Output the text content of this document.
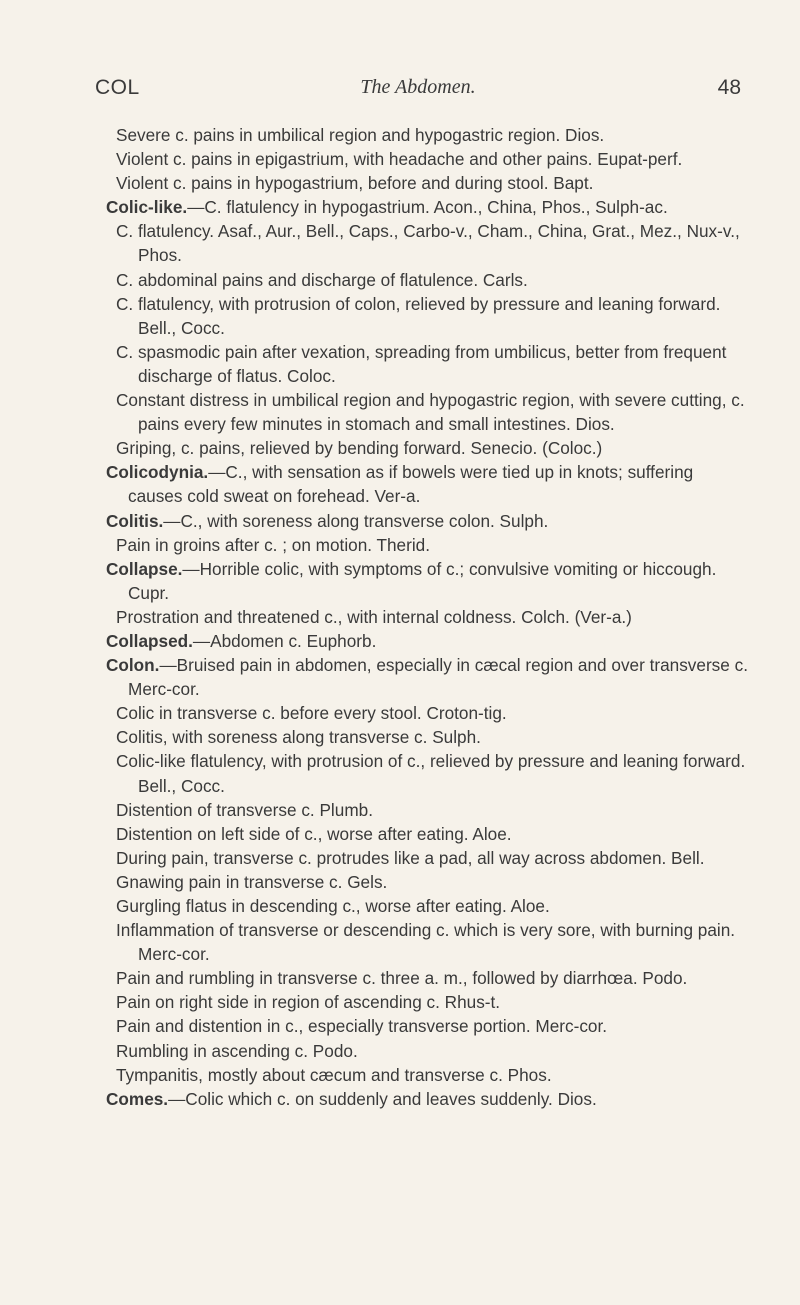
COL	The Abdomen.	48

Severe c. pains in umbilical region and hypogastric region. Dios.

Violent c. pains in epigastrium, with headache and other pains. Eupat-perf.

Violent c. pains in hypogastrium, before and during stool. Bapt.

Colic-like.—C. flatulency in hypogastrium. Acon., China, Phos., Sulph-ac.

C. flatulency. Asaf., Aur., Bell., Caps., Carbo-v., Cham., China, Grat., Mez., Nux-v., Phos.

C. abdominal pains and discharge of flatulence. Carls.

C. flatulency, with protrusion of colon, relieved by pressure and leaning forward. Bell., Cocc.

C. spasmodic pain after vexation, spreading from umbilicus, better from frequent discharge of flatus. Coloc.

Constant distress in umbilical region and hypogastric region, with severe cutting, c. pains every few minutes in stomach and small intestines. Dios.

Griping, c. pains, relieved by bending forward. Senecio. (Coloc.)

Colicodynia.—C., with sensation as if bowels were tied up in knots; suffering causes cold sweat on forehead. Ver-a.

Colitis.—C., with soreness along transverse colon. Sulph.

Pain in groins after c. ; on motion. Therid.

Collapse.—Horrible colic, with symptoms of c.; convulsive vomiting or hiccough. Cupr.

Prostration and threatened c., with internal coldness. Colch. (Ver-a.)

Collapsed.—Abdomen c. Euphorb.

Colon.—Bruised pain in abdomen, especially in cæcal region and over transverse c. Merc-cor.

Colic in transverse c. before every stool. Croton-tig.

Colitis, with soreness along transverse c. Sulph.

Colic-like flatulency, with protrusion of c., relieved by pressure and leaning forward. Bell., Cocc.

Distention of transverse c. Plumb.

Distention on left side of c., worse after eating. Aloe.

During pain, transverse c. protrudes like a pad, all way across abdomen. Bell.

Gnawing pain in transverse c. Gels.

Gurgling flatus in descending c., worse after eating. Aloe.

Inflammation of transverse or descending c. which is very sore, with burning pain. Merc-cor.

Pain and rumbling in transverse c. three a. m., followed by diarrhœa. Podo.

Pain on right side in region of ascending c. Rhus-t.

Pain and distention in c., especially transverse portion. Merc-cor.

Rumbling in ascending c. Podo.

Tympanitis, mostly about cæcum and transverse c. Phos.

Comes.—Colic which c. on suddenly and leaves suddenly. Dios.
